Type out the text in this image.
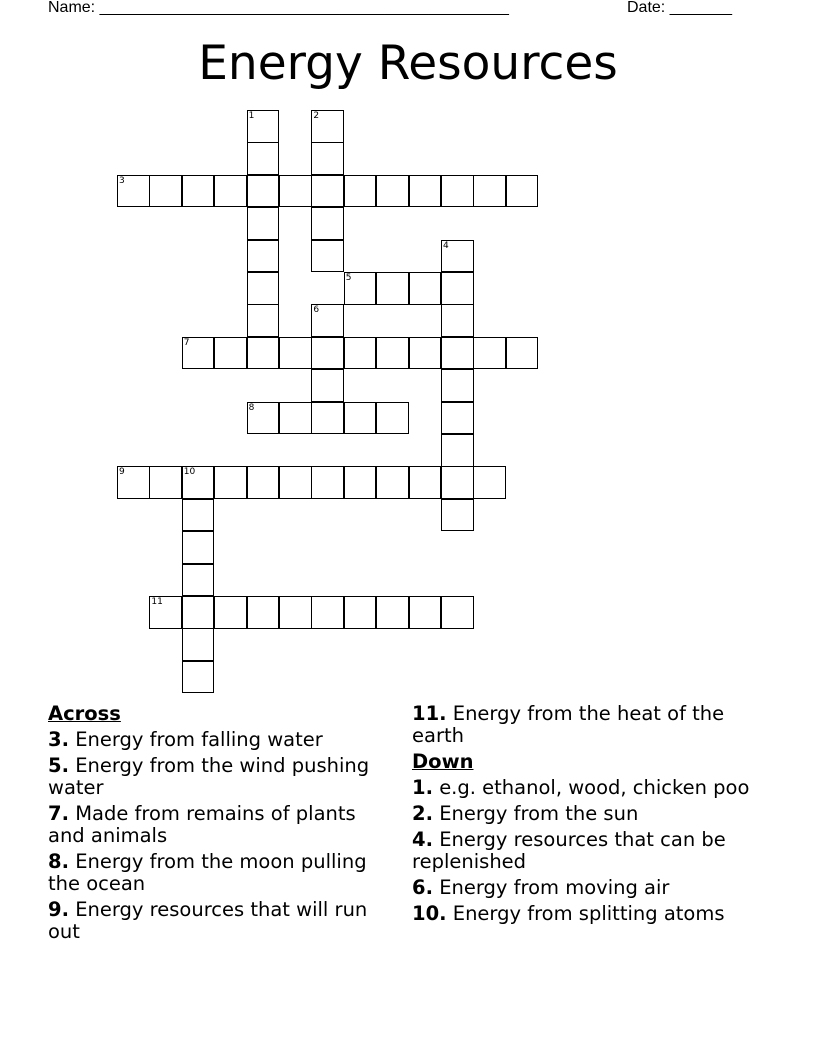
Name: ______________________________________________	Date: _______
Energy Resources
1	2
3
4
5
6
7
8
9	10
11
Across
3. Energy from falling water
5. Energy from the wind pushing water
7. Made from remains of plants and animals
8. Energy from the moon pulling the ocean
9. Energy resources that will run out
11. Energy from the heat of the earth
Down
1. e.g. ethanol, wood, chicken poo
2. Energy from the sun
4. Energy resources that can be replenished
6. Energy from moving air
10. Energy from splitting atoms
